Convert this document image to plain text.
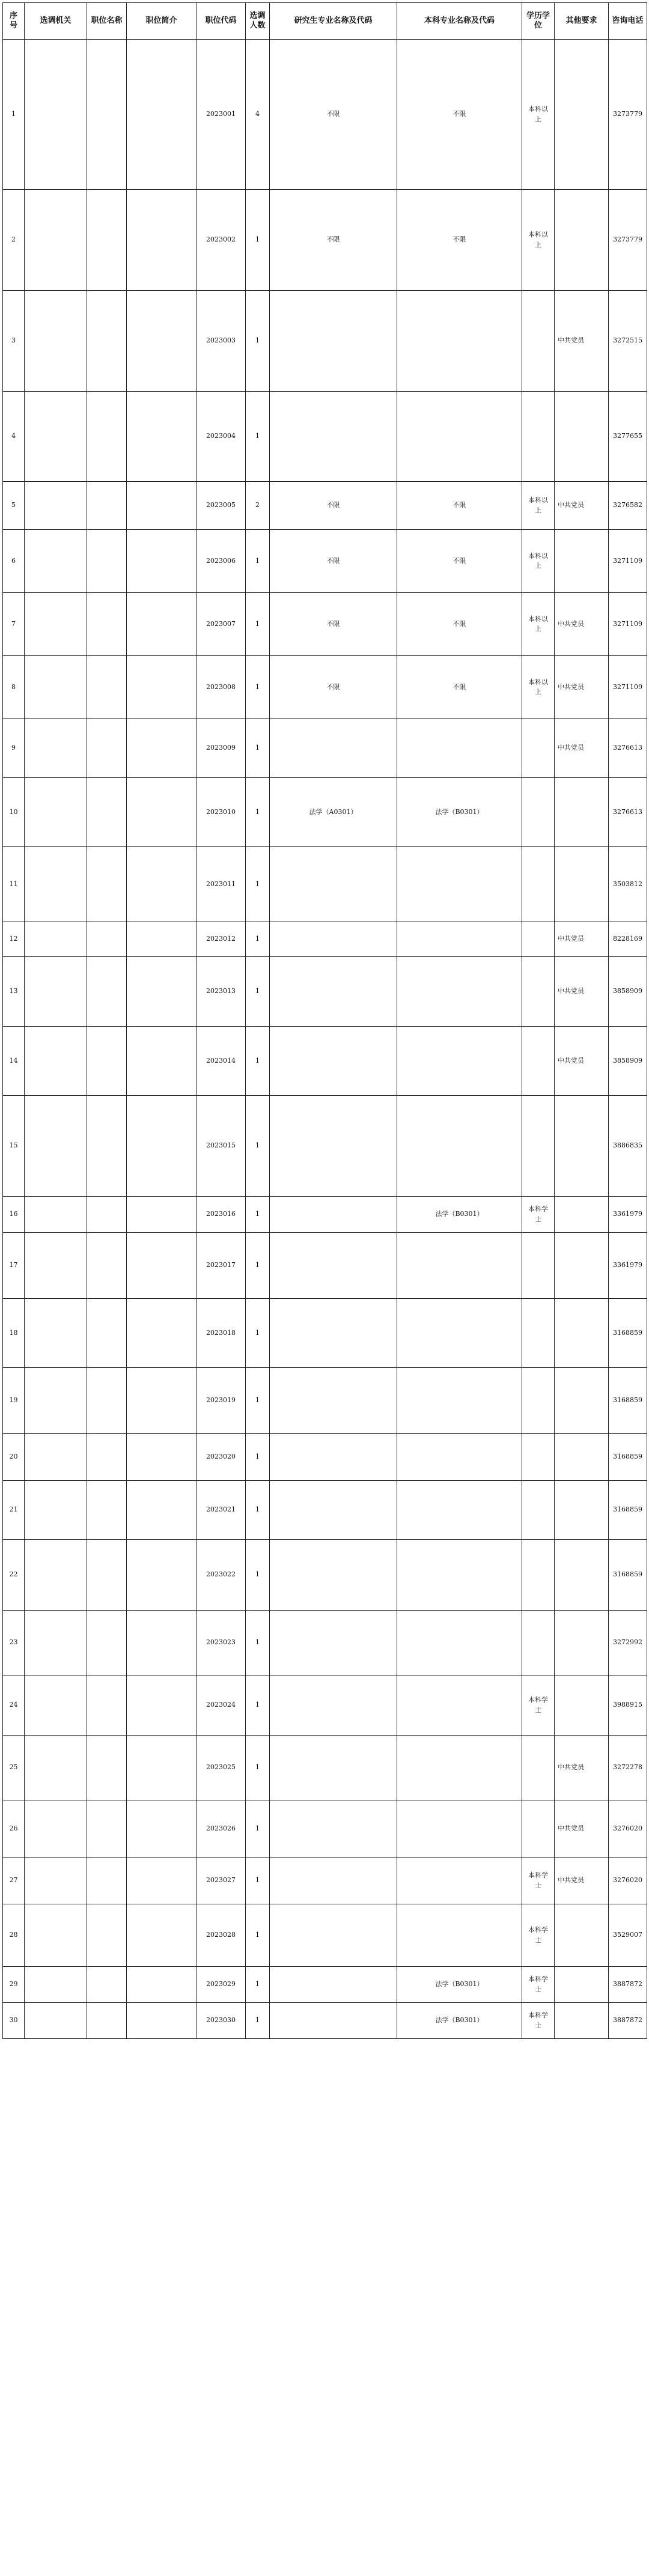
序号	选调机关	职位名称	职位简介	职位代码	选调人数	研究生专业名称及代码	本科专业名称及代码	学历学位	其他要求	咨询电话
1				2023001	4	不限	不限	本科以上		3273779
2				2023002	1	不限	不限	本科以上		3273779
3				2023003	1				中共党员	3272515
4				2023004	1					3277655
5				2023005	2	不限	不限	本科以上	中共党员	3276582
6				2023006	1	不限	不限	本科以上		3271109
7				2023007	1	不限	不限	本科以上	中共党员	3271109
8				2023008	1	不限	不限	本科以上	中共党员	3271109
9				2023009	1				中共党员	3276613
10				2023010	1	法学（A0301）	法学（B0301）			3276613
11				2023011	1					3503812
12				2023012	1				中共党员	8228169
13				2023013	1				中共党员	3858909
14				2023014	1				中共党员	3858909
15				2023015	1					3886835
16				2023016	1		法学（B0301）	本科学士		3361979
17				2023017	1					3361979
18				2023018	1					3168859
19				2023019	1					3168859
20				2023020	1					3168859
21				2023021	1					3168859
22				2023022	1					3168859
23				2023023	1					3272992
24				2023024	1			本科学士		3988915
25				2023025	1				中共党员	3272278
26				2023026	1				中共党员	3276020
27				2023027	1			本科学士	中共党员	3276020
28				2023028	1			本科学士		3529007
29				2023029	1		法学（B0301）	本科学士		3887872
30				2023030	1		法学（B0301）	本科学士		3887872
